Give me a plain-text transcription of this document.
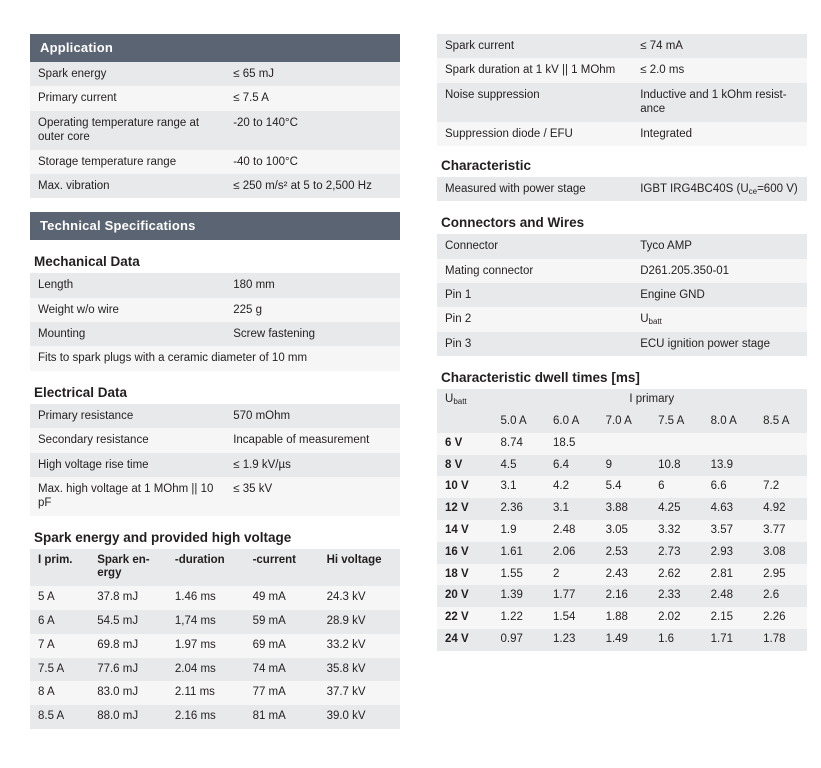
Application
Spark energy	≤ 65 mJ
Primary current	≤ 7.5 A
Operating temperature range at outer core	-20 to 140°C
Storage temperature range	-40 to 100°C
Max. vibration	≤ 250 m/s² at 5 to 2,500 Hz
Technical Specifications
Mechanical Data
Length	180 mm
Weight w/o wire	225 g
Mounting	Screw fastening
Fits to spark plugs with a ceramic diameter of 10 mm	
Electrical Data
Primary resistance	570 mOhm
Secondary resistance	Incapable of measurement
High voltage rise time	≤ 1.9 kV/µs
Max. high voltage at 1 MOhm || 10 pF	≤ 35 kV
Spark energy and provided high voltage
I prim.	Spark en-ergy	-duration	-current	Hi voltage
5 A	37.8 mJ	1.46 ms	49 mA	24.3 kV
6 A	54.5 mJ	1,74 ms	59 mA	28.9 kV
7 A	69.8 mJ	1.97 ms	69 mA	33.2 kV
7.5 A	77.6 mJ	2.04 ms	74 mA	35.8 kV
8 A	83.0 mJ	2.11 ms	77 mA	37.7 kV
8.5 A	88.0 mJ	2.16 ms	81 mA	39.0 kV
Spark current	≤ 74 mA
Spark duration at 1 kV || 1 MOhm	≤ 2.0 ms
Noise suppression	Inductive and 1 kOhm resist-ance
Suppression diode / EFU	Integrated
Characteristic
Measured with power stage	IGBT IRG4BC40S ($U_{ce}=600$ V)
Connectors and Wires
Connector	Tyco AMP
Mating connector	D261.205.350-01
Pin 1	Engine GND
Pin 2	$U_{batt}$
Pin 3	ECU ignition power stage
Characteristic dwell times [ms]
$U_{batt}$	I primary					
	5.0 A	6.0 A	7.0 A	7.5 A	8.0 A	8.5 A
6 V	8.74	18.5				
8 V	4.5	6.4	9	10.8	13.9	
10 V	3.1	4.2	5.4	6	6.6	7.2
12 V	2.36	3.1	3.88	4.25	4.63	4.92
14 V	1.9	2.48	3.05	3.32	3.57	3.77
16 V	1.61	2.06	2.53	2.73	2.93	3.08
18 V	1.55	2	2.43	2.62	2.81	2.95
20 V	1.39	1.77	2.16	2.33	2.48	2.6
22 V	1.22	1.54	1.88	2.02	2.15	2.26
24 V	0.97	1.23	1.49	1.6	1.71	1.78
